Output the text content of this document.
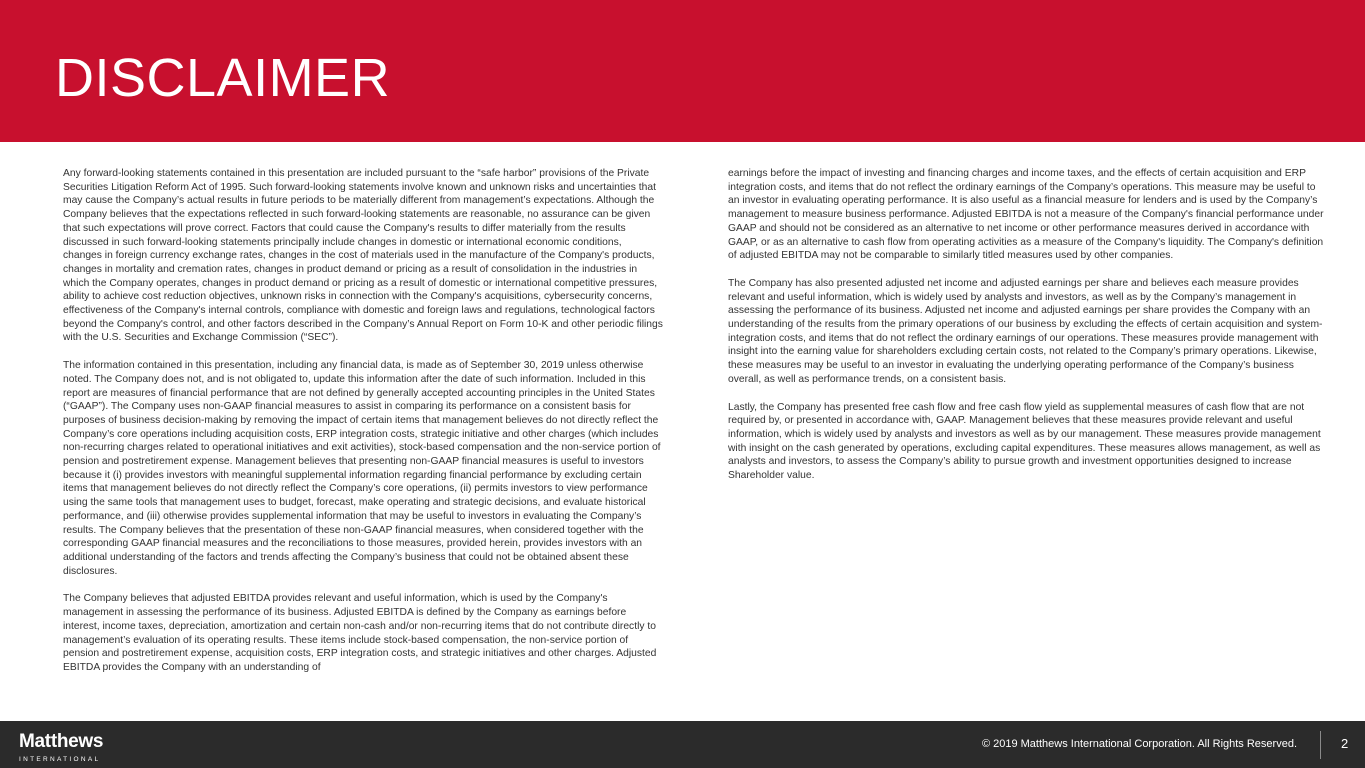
DISCLAIMER

Any forward-looking statements contained in this presentation are included pursuant to the “safe harbor” provisions of the Private Securities Litigation Reform Act of 1995. Such forward-looking statements involve known and unknown risks and uncertainties that may cause the Company’s actual results in future periods to be materially different from management’s expectations. Although the Company believes that the expectations reflected in such forward-looking statements are reasonable, no assurance can be given that such expectations will prove correct. Factors that could cause the Company's results to differ materially from the results discussed in such forward-looking statements principally include changes in domestic or international economic conditions, changes in foreign currency exchange rates, changes in the cost of materials used in the manufacture of the Company's products, changes in mortality and cremation rates, changes in product demand or pricing as a result of consolidation in the industries in which the Company operates, changes in product demand or pricing as a result of domestic or international competitive pressures, ability to achieve cost reduction objectives, unknown risks in connection with the Company's acquisitions, cybersecurity concerns, effectiveness of the Company's internal controls, compliance with domestic and foreign laws and regulations, technological factors beyond the Company's control, and other factors described in the Company’s Annual Report on Form 10-K and other periodic filings with the U.S. Securities and Exchange Commission (“SEC”).

The information contained in this presentation, including any financial data, is made as of September 30, 2019 unless otherwise noted. The Company does not, and is not obligated to, update this information after the date of such information. Included in this report are measures of financial performance that are not defined by generally accepted accounting principles in the United States (“GAAP”). The Company uses non-GAAP financial measures to assist in comparing its performance on a consistent basis for purposes of business decision-making by removing the impact of certain items that management believes do not directly reflect the Company’s core operations including acquisition costs, ERP integration costs, strategic initiative and other charges (which includes non-recurring charges related to operational initiatives and exit activities), stock-based compensation and the non-service portion of pension and postretirement expense. Management believes that presenting non-GAAP financial measures is useful to investors because it (i) provides investors with meaningful supplemental information regarding financial performance by excluding certain items that management believes do not directly reflect the Company’s core operations, (ii) permits investors to view performance using the same tools that management uses to budget, forecast, make operating and strategic decisions, and evaluate historical performance, and (iii) otherwise provides supplemental information that may be useful to investors in evaluating the Company’s results. The Company believes that the presentation of these non-GAAP financial measures, when considered together with the corresponding GAAP financial measures and the reconciliations to those measures, provided herein, provides investors with an additional understanding of the factors and trends affecting the Company’s business that could not be obtained absent these disclosures.

The Company believes that adjusted EBITDA provides relevant and useful information, which is used by the Company's management in assessing the performance of its business. Adjusted EBITDA is defined by the Company as earnings before interest, income taxes, depreciation, amortization and certain non-cash and/or non-recurring items that do not contribute directly to management’s evaluation of its operating results. These items include stock-based compensation, the non-service portion of pension and postretirement expense, acquisition costs, ERP integration costs, and strategic initiatives and other charges. Adjusted EBITDA provides the Company with an understanding of

earnings before the impact of investing and financing charges and income taxes, and the effects of certain acquisition and ERP integration costs, and items that do not reflect the ordinary earnings of the Company’s operations. This measure may be useful to an investor in evaluating operating performance. It is also useful as a financial measure for lenders and is used by the Company’s management to measure business performance. Adjusted EBITDA is not a measure of the Company's financial performance under GAAP and should not be considered as an alternative to net income or other performance measures derived in accordance with GAAP, or as an alternative to cash flow from operating activities as a measure of the Company's liquidity. The Company's definition of adjusted EBITDA may not be comparable to similarly titled measures used by other companies.

The Company has also presented adjusted net income and adjusted earnings per share and believes each measure provides relevant and useful information, which is widely used by analysts and investors, as well as by the Company’s management in assessing the performance of its business. Adjusted net income and adjusted earnings per share provides the Company with an understanding of the results from the primary operations of our business by excluding the effects of certain acquisition and system-integration costs, and items that do not reflect the ordinary earnings of our operations. These measures provide management with insight into the earning value for shareholders excluding certain costs, not related to the Company’s primary operations. Likewise, these measures may be useful to an investor in evaluating the underlying operating performance of the Company’s business overall, as well as performance trends, on a consistent basis.

Lastly, the Company has presented free cash flow and free cash flow yield as supplemental measures of cash flow that are not required by, or presented in accordance with, GAAP. Management believes that these measures provide relevant and useful information, which is widely used by analysts and investors as well as by our management. These measures provide management with insight on the cash generated by operations, excluding capital expenditures. These measures allows management, as well as analysts and investors, to assess the Company’s ability to pursue growth and investment opportunities designed to increase Shareholder value.

Matthews
INTERNATIONAL
© 2019 Matthews International Corporation. All Rights Reserved.	2
